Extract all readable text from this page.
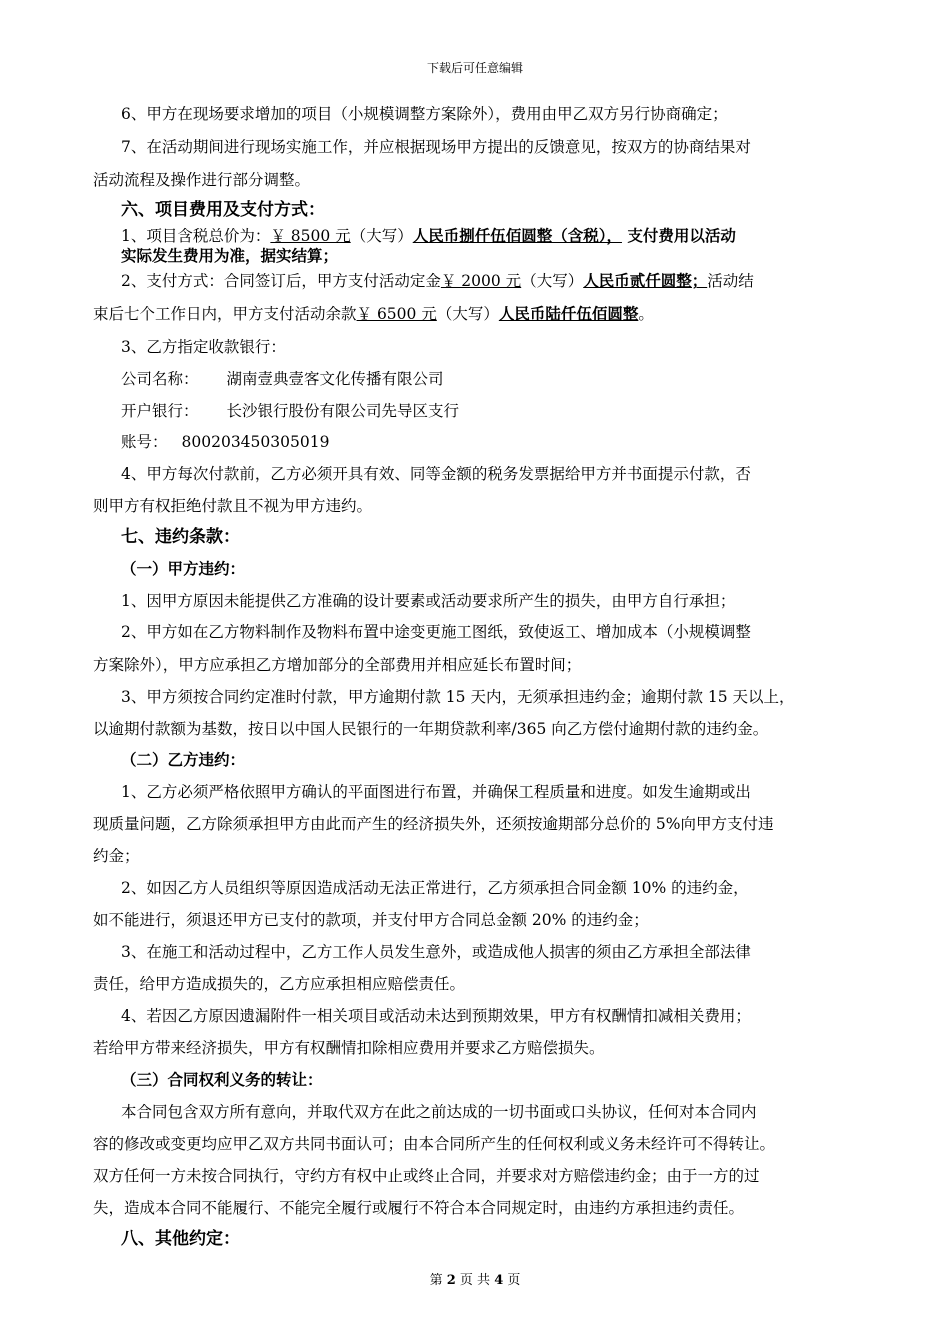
下载后可任意编辑
6、甲方在现场要求增加的项目（小规模调整方案除外），费用由甲乙双方另行协商确定；
7、在活动期间进行现场实施工作，并应根据现场甲方提出的反馈意见，按双方的协商结果对
活动流程及操作进行部分调整。
六、项目费用及支付方式：
1、项目含税总价为：￥ 8500 元（大写）人民币捌仟伍佰圆整（含税）， 支付费用以活动
实际发生费用为准，据实结算；
2、支付方式：合同签订后，甲方支付活动定金￥ 2000 元（大写）人民币贰仟圆整；活动结
束后七个工作日内，甲方支付活动余款￥ 6500 元（大写）人民币陆仟伍佰圆整。
3、乙方指定收款银行：
公司名称： 湖南壹典壹客文化传播有限公司
开户银行： 长沙银行股份有限公司先导区支行
账号： 800203450305019
4、甲方每次付款前，乙方必须开具有效、同等金额的税务发票据给甲方并书面提示付款，否
则甲方有权拒绝付款且不视为甲方违约。
七、违约条款：
（一）甲方违约：
1、因甲方原因未能提供乙方准确的设计要素或活动要求所产生的损失，由甲方自行承担；
2、甲方如在乙方物料制作及物料布置中途变更施工图纸，致使返工、增加成本（小规模调整
方案除外），甲方应承担乙方增加部分的全部费用并相应延长布置时间；
3、甲方须按合同约定准时付款，甲方逾期付款 15 天内，无须承担违约金；逾期付款 15 天以上，
以逾期付款额为基数，按日以中国人民银行的一年期贷款利率/365 向乙方偿付逾期付款的违约金。
（二）乙方违约：
1、乙方必须严格依照甲方确认的平面图进行布置，并确保工程质量和进度。如发生逾期或出
现质量问题，乙方除须承担甲方由此而产生的经济损失外，还须按逾期部分总价的 5%向甲方支付违
约金；
2、如因乙方人员组织等原因造成活动无法正常进行，乙方须承担合同金额 10% 的违约金，
如不能进行，须退还甲方已支付的款项，并支付甲方合同总金额 20% 的违约金；
3、在施工和活动过程中，乙方工作人员发生意外，或造成他人损害的须由乙方承担全部法律
责任，给甲方造成损失的，乙方应承担相应赔偿责任。
4、若因乙方原因遗漏附件一相关项目或活动未达到预期效果，甲方有权酬情扣减相关费用；
若给甲方带来经济损失，甲方有权酬情扣除相应费用并要求乙方赔偿损失。
（三）合同权利义务的转让：
本合同包含双方所有意向，并取代双方在此之前达成的一切书面或口头协议，任何对本合同内
容的修改或变更均应甲乙双方共同书面认可；由本合同所产生的任何权利或义务未经许可不得转让。
双方任何一方未按合同执行，守约方有权中止或终止合同，并要求对方赔偿违约金；由于一方的过
失，造成本合同不能履行、不能完全履行或履行不符合本合同规定时，由违约方承担违约责任。
八、其他约定：
第 2 页 共 4 页
